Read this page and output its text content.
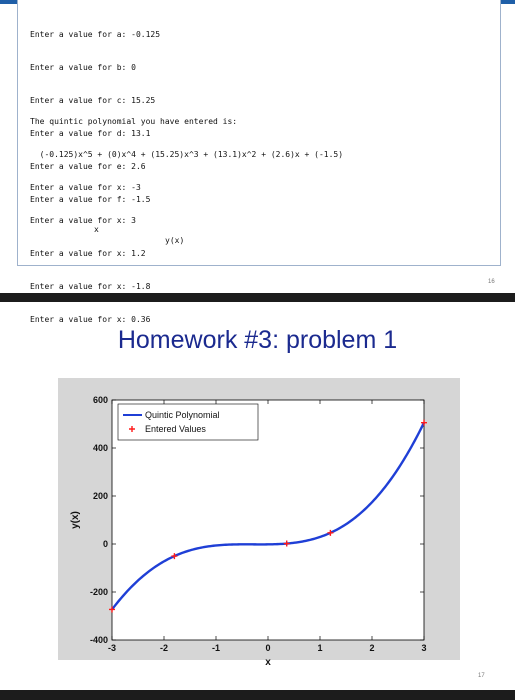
Enter a value for a: -0.125

Enter a value for b: 0

Enter a value for c: 15.25

Enter a value for d: 13.1

Enter a value for e: 2.6

Enter a value for f: -1.5

The quintic polynomial you have entered is:

(-0.125)x^5 + (0)x^4 + (15.25)x^3 + (13.1)x^2 + (2.6)x + (-1.5)

Enter a value for x: -3

Enter a value for x: 3

Enter a value for x: 1.2

Enter a value for x: -1.8

Enter a value for x: 0.36

x

y(x)

16
Homework #3: problem 1
-3	-2	-1	0	1	2	3
-400
-200
0
200
400
600
x
y(x)
Quintic Polynomial
Entered Values
17
